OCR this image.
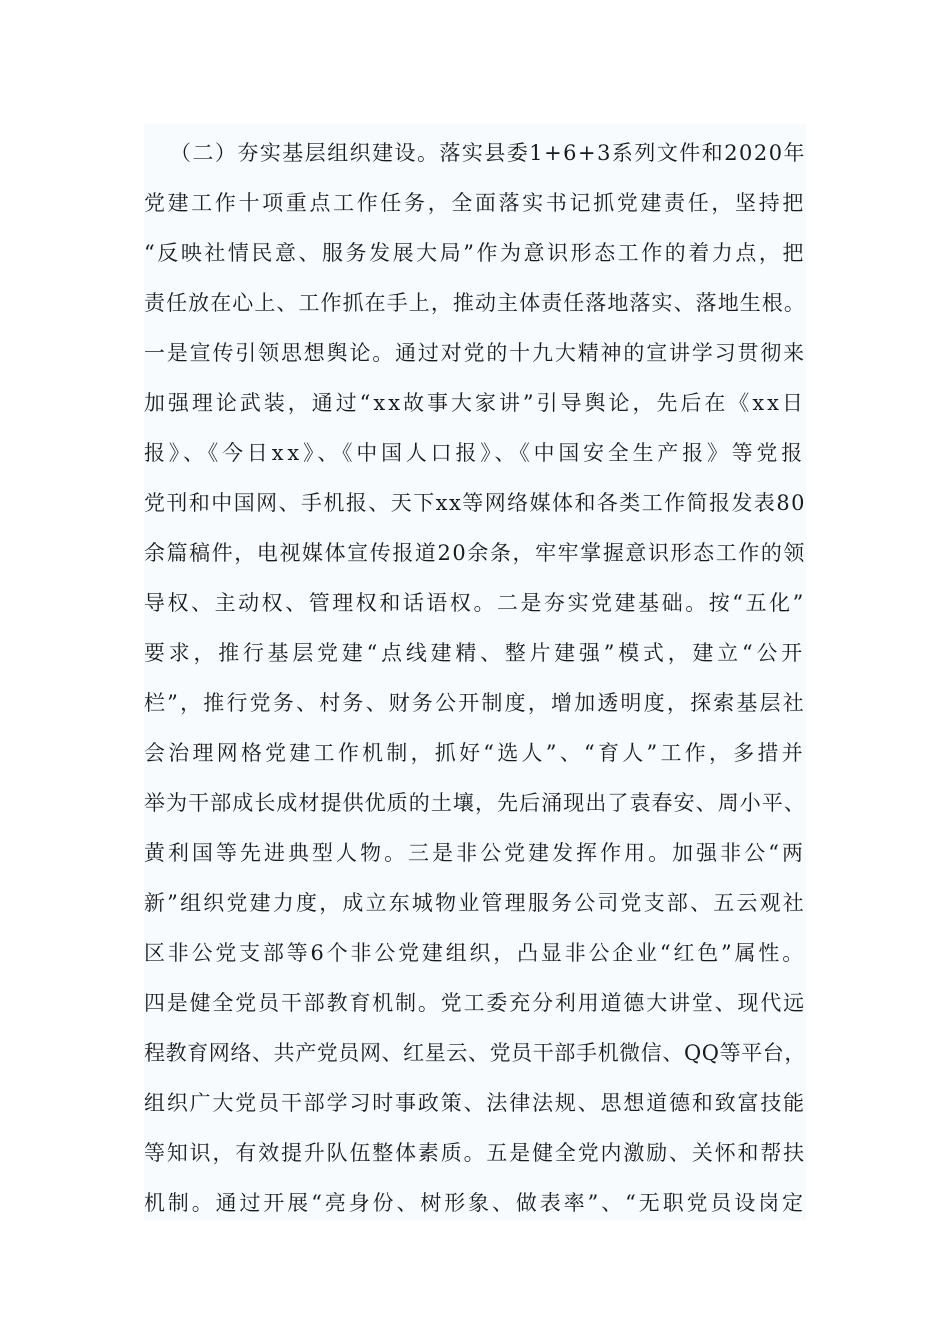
（二）夯实基层组织建设。落实县委1+6+3系列文件和2020年
党建工作十项重点工作任务，全面落实书记抓党建责任，坚持把
“反映社情民意、服务发展大局”作为意识形态工作的着力点，把
责任放在心上、工作抓在手上，推动主体责任落地落实、落地生根。
一是宣传引领思想舆论。通过对党的十九大精神的宣讲学习贯彻来
加强理论武装，通过“xx故事大家讲”引导舆论，先后在《xx日
报》、《今日xx》、《中国人口报》、《中国安全生产报》等党报
党刊和中国网、手机报、天下xx等网络媒体和各类工作简报发表80
余篇稿件，电视媒体宣传报道20余条，牢牢掌握意识形态工作的领
导权、主动权、管理权和话语权。二是夯实党建基础。按“五化”
要求，推行基层党建“点线建精、整片建强”模式，建立“公开
栏”，推行党务、村务、财务公开制度，增加透明度，探索基层社
会治理网格党建工作机制，抓好“选人”、“育人”工作，多措并
举为干部成长成材提供优质的土壤，先后涌现出了袁春安、周小平、
黄利国等先进典型人物。三是非公党建发挥作用。加强非公“两
新”组织党建力度，成立东城物业管理服务公司党支部、五云观社
区非公党支部等6个非公党建组织，凸显非公企业“红色”属性。
四是健全党员干部教育机制。党工委充分利用道德大讲堂、现代远
程教育网络、共产党员网、红星云、党员干部手机微信、QQ等平台，
组织广大党员干部学习时事政策、法律法规、思想道德和致富技能
等知识，有效提升队伍整体素质。五是健全党内激励、关怀和帮扶
机制。通过开展“亮身份、树形象、做表率”、“无职党员设岗定
